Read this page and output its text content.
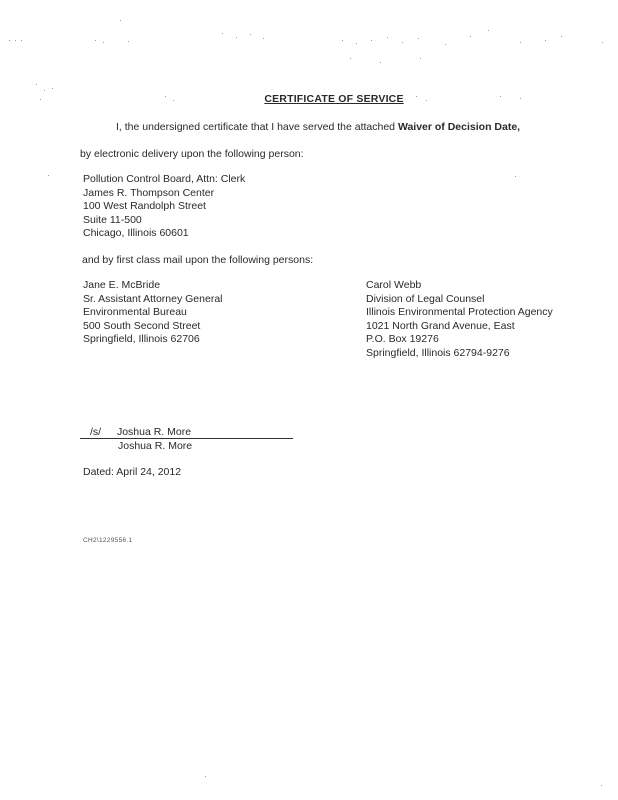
CERTIFICATE OF SERVICE
I, the undersigned certificate that I have served the attached Waiver of Decision Date,
by electronic delivery upon the following person:
Pollution Control Board, Attn: Clerk
James R. Thompson Center
100 West Randolph Street
Suite 11-500
Chicago, Illinois 60601
and by first class mail upon the following persons:
Jane E. McBride
Sr. Assistant Attorney General
Environmental Bureau
500 South Second Street
Springfield, Illinois 62706
Carol Webb
Division of Legal Counsel
Illinois Environmental Protection Agency
1021 North Grand Avenue, East
P.O. Box 19276
Springfield, Illinois 62794-9276
/s/ Joshua R. More
Joshua R. More
Dated: April 24, 2012
CH2\1229556.1
